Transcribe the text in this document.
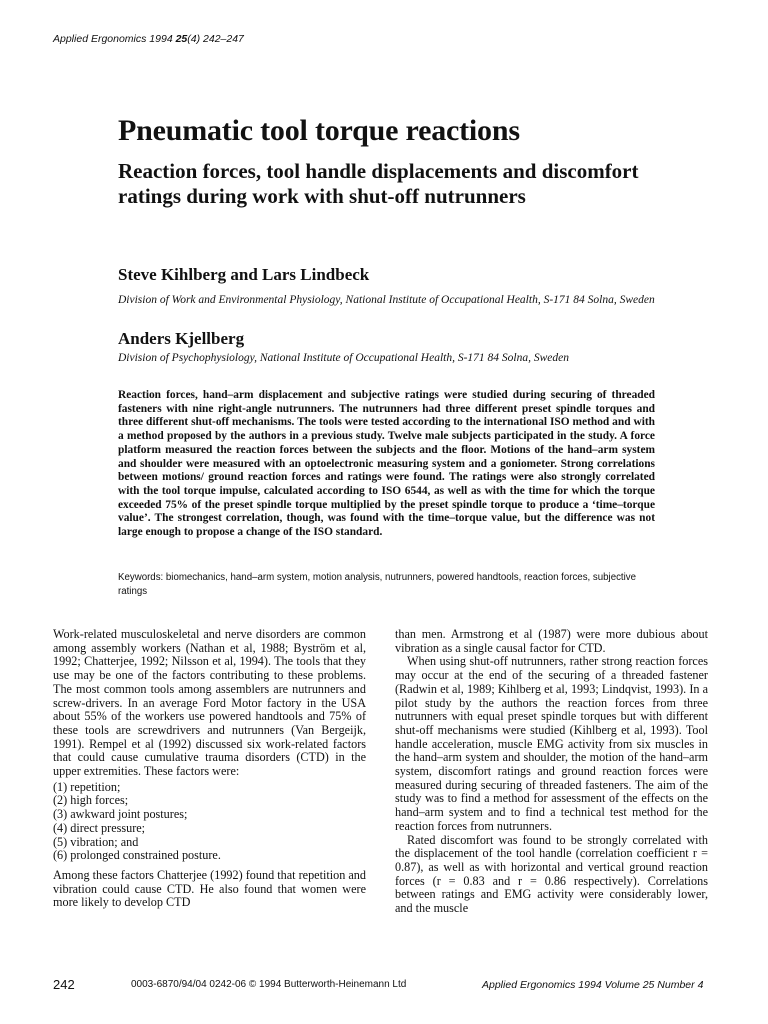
Applied Ergonomics 1994 25(4) 242–247
Pneumatic tool torque reactions
Reaction forces, tool handle displacements and discomfort ratings during work with shut-off nutrunners

Steve Kihlberg and Lars Lindbeck

Division of Work and Environmental Physiology, National Institute of Occupational Health, S-171 84 Solna, Sweden

Anders Kjellberg

Division of Psychophysiology, National Institute of Occupational Health, S-171 84 Solna, Sweden

Reaction forces, hand–arm displacement and subjective ratings were studied during securing of threaded fasteners with nine right-angle nutrunners. The nutrunners had three different preset spindle torques and three different shut-off mechanisms. The tools were tested according to the international ISO method and with a method proposed by the authors in a previous study. Twelve male subjects participated in the study. A force platform measured the reaction forces between the subjects and the floor. Motions of the hand–arm system and shoulder were measured with an optoelectronic measuring system and a goniometer. Strong correlations between motions/ ground reaction forces and ratings were found. The ratings were also strongly correlated with the tool torque impulse, calculated according to ISO 6544, as well as with the time for which the torque exceeded 75% of the preset spindle torque multiplied by the preset spindle torque to produce a ‘time–torque value’. The strongest correlation, though, was found with the time–torque value, but the difference was not large enough to propose a change of the ISO standard.

Keywords: biomechanics, hand–arm system, motion analysis, nutrunners, powered handtools, reaction forces, subjective ratings

Work-related musculoskeletal and nerve disorders are common among assembly workers (Nathan et al, 1988; Byström et al, 1992; Chatterjee, 1992; Nilsson et al, 1994). The tools that they use may be one of the factors contributing to these problems. The most common tools among assemblers are nutrunners and screw-drivers. In an average Ford Motor factory in the USA about 55% of the workers use powered handtools and 75% of these tools are screwdrivers and nutrunners (Van Bergeijk, 1991). Rempel et al (1992) discussed six work-related factors that could cause cumulative trauma disorders (CTD) in the upper extremities. These factors were:

(1) repetition;
(2) high forces;
(3) awkward joint postures;
(4) direct pressure;
(5) vibration; and
(6) prolonged constrained posture.

Among these factors Chatterjee (1992) found that repetition and vibration could cause CTD. He also found that women were more likely to develop CTD

than men. Armstrong et al (1987) were more dubious about vibration as a single causal factor for CTD.

When using shut-off nutrunners, rather strong reaction forces may occur at the end of the securing of a threaded fastener (Radwin et al, 1989; Kihlberg et al, 1993; Lindqvist, 1993). In a pilot study by the authors the reaction forces from three nutrunners with equal preset spindle torques but with different shut-off mechanisms were studied (Kihlberg et al, 1993). Tool handle acceleration, muscle EMG activity from six muscles in the hand–arm system and shoulder, the motion of the hand–arm system, discomfort ratings and ground reaction forces were measured during securing of threaded fasteners. The aim of the study was to find a method for assessment of the effects on the hand–arm system and to find a technical test method for the reaction forces from nutrunners.

Rated discomfort was found to be strongly correlated with the displacement of the tool handle (correlation coefficient r = 0.87), as well as with horizontal and vertical ground reaction forces (r = 0.83 and r = 0.86 respectively). Correlations between ratings and EMG activity were considerably lower, and the muscle

242	0003-6870/94/04 0242-06 © 1994 Butterworth-Heinemann Ltd	Applied Ergonomics 1994 Volume 25 Number 4
